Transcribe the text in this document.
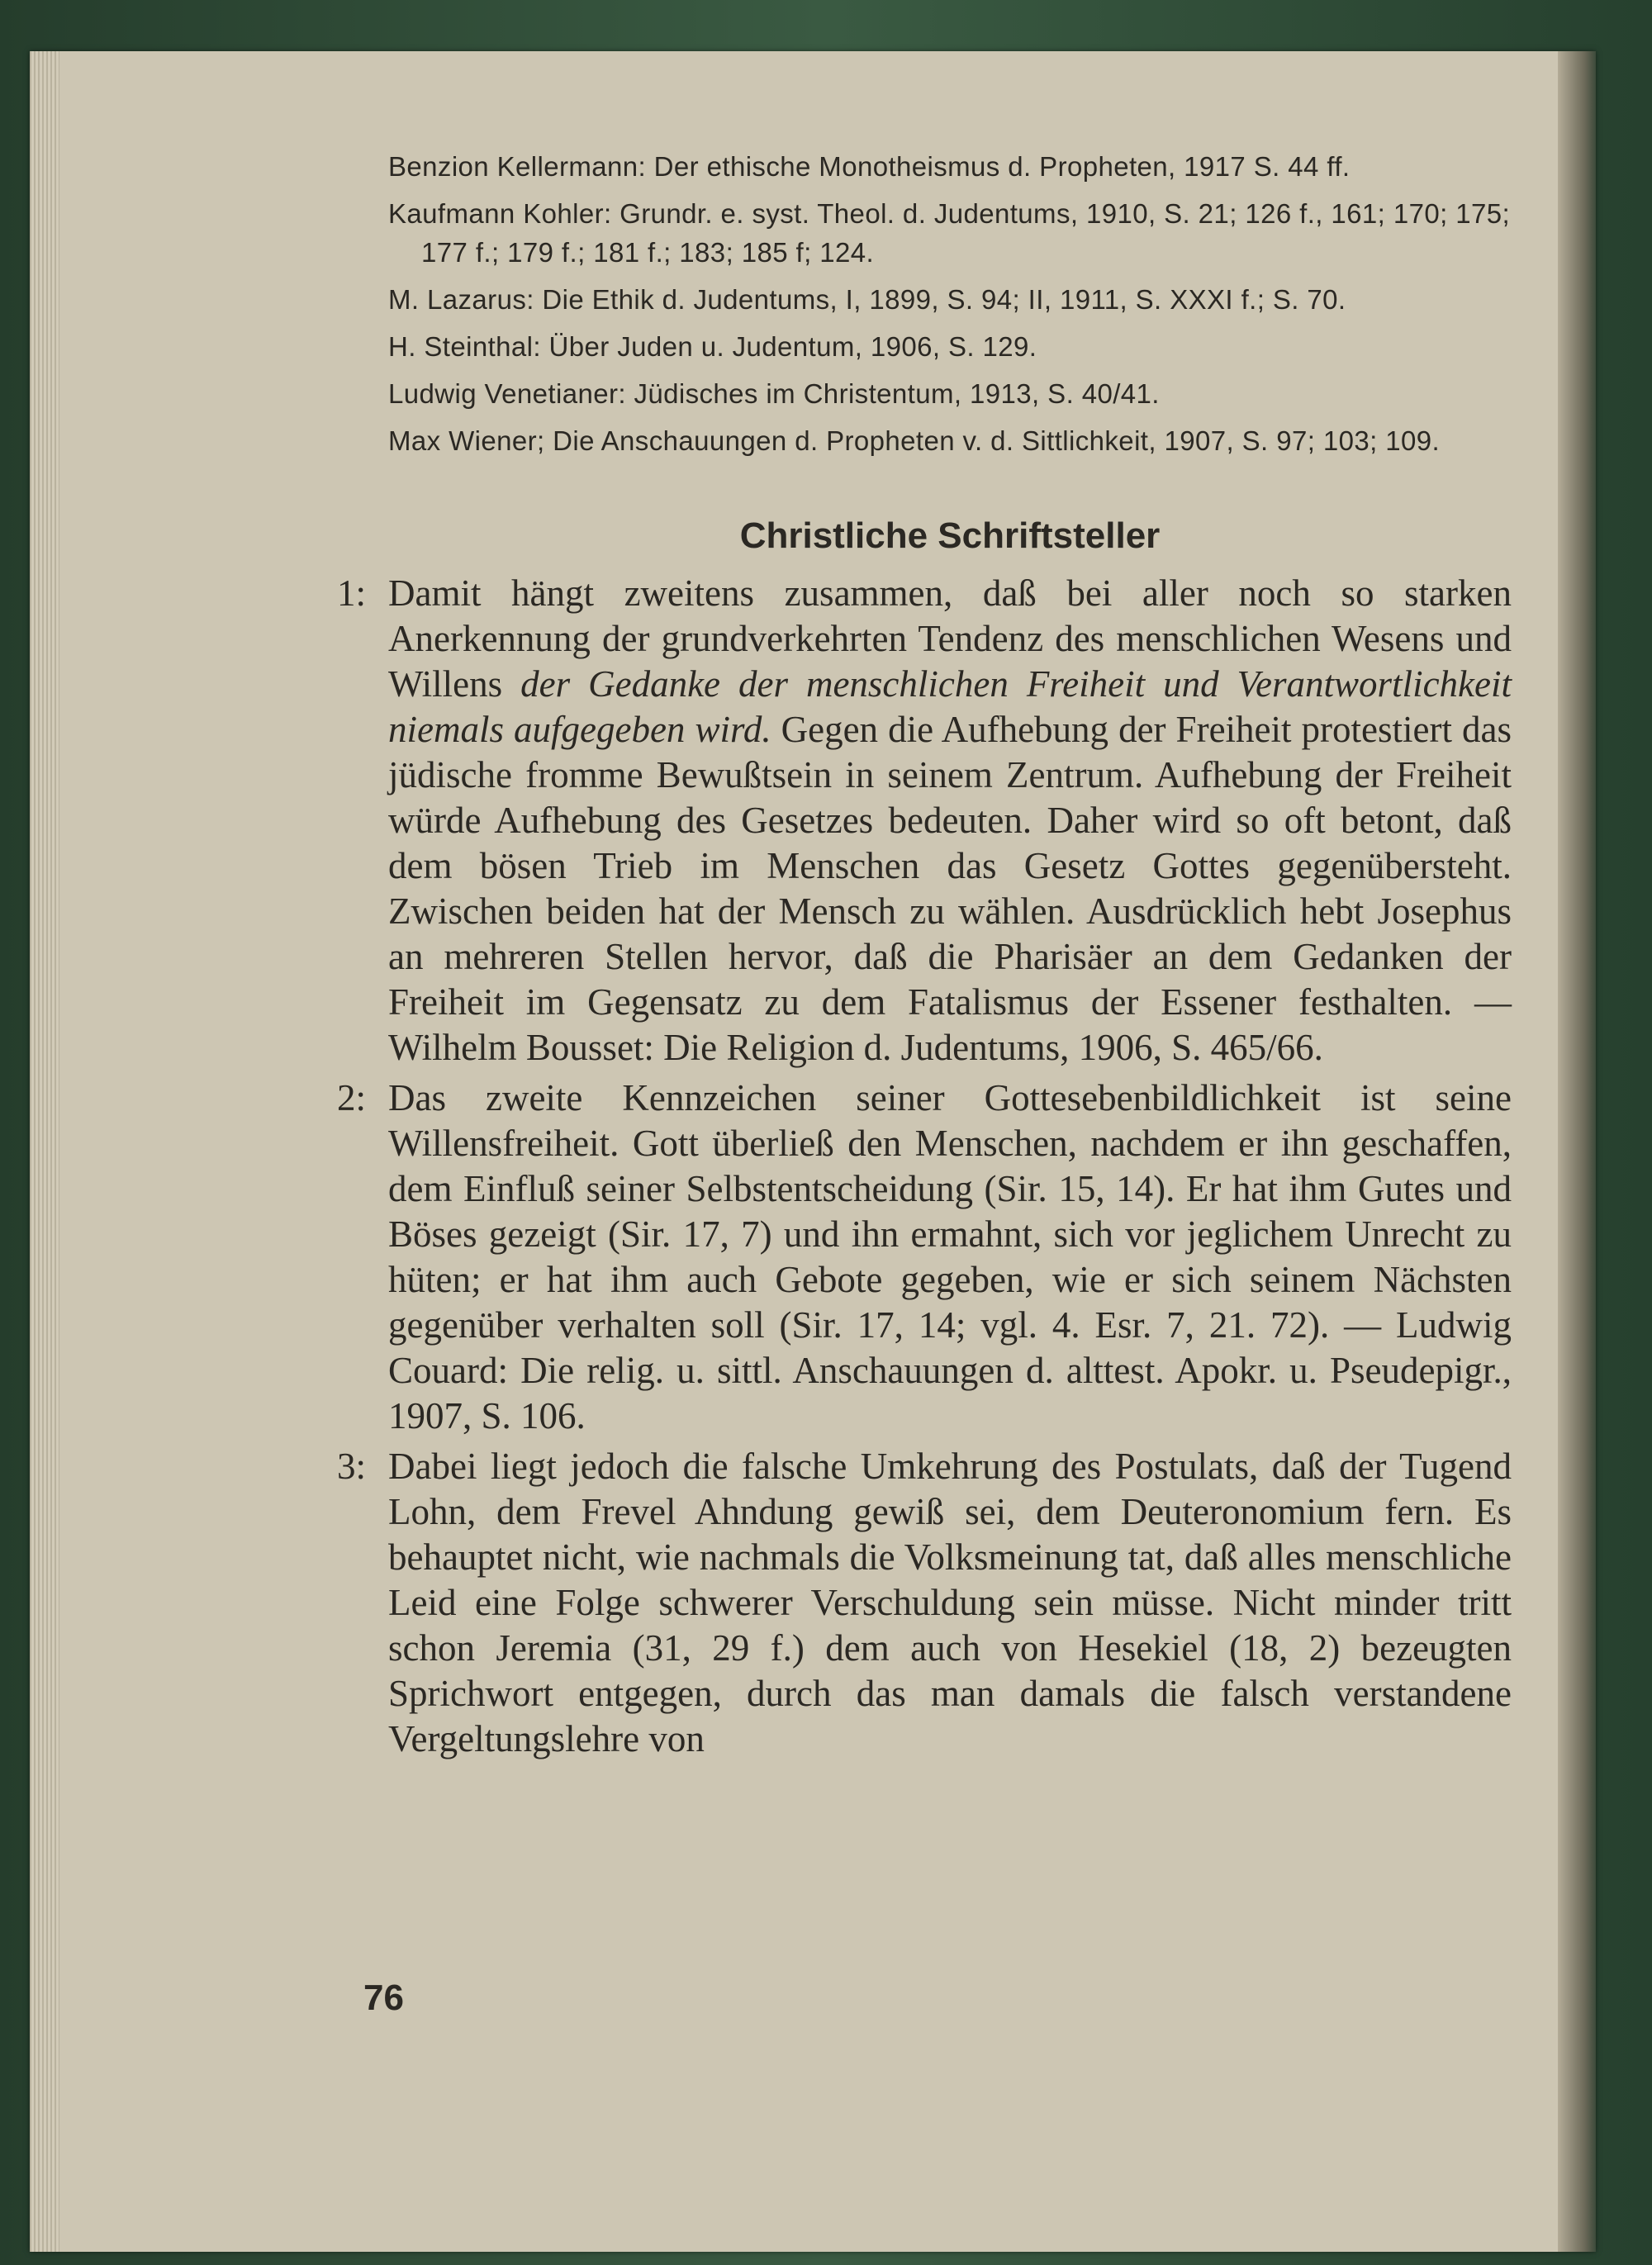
Benzion Kellermann: Der ethische Monotheismus d. Propheten, 1917 S. 44 ff.

Kaufmann Kohler: Grundr. e. syst. Theol. d. Judentums, 1910, S. 21; 126 f., 161; 170; 175; 177 f.; 179 f.; 181 f.; 183; 185 f; 124.

M. Lazarus: Die Ethik d. Judentums, I, 1899, S. 94; II, 1911, S. XXXI f.; S. 70.

H. Steinthal: Über Juden u. Judentum, 1906, S. 129.

Ludwig Venetianer: Jüdisches im Christentum, 1913, S. 40/41.

Max Wiener; Die Anschauungen d. Propheten v. d. Sittlichkeit, 1907, S. 97; 103; 109.

Christliche Schriftsteller

1: Damit hängt zweitens zusammen, daß bei aller noch so starken Anerkennung der grundverkehrten Tendenz des menschlichen Wesens und Willens der Gedanke der menschlichen Freiheit und Verantwortlichkeit niemals aufgegeben wird. Gegen die Aufhebung der Freiheit protestiert das jüdische fromme Bewußtsein in seinem Zentrum. Aufhebung der Freiheit würde Aufhebung des Gesetzes bedeuten. Daher wird so oft betont, daß dem bösen Trieb im Menschen das Gesetz Gottes gegenübersteht. Zwischen beiden hat der Mensch zu wählen. Ausdrücklich hebt Josephus an mehreren Stellen hervor, daß die Pharisäer an dem Gedanken der Freiheit im Gegensatz zu dem Fatalismus der Essener festhalten. — Wilhelm Bousset: Die Religion d. Judentums, 1906, S. 465/66.

2: Das zweite Kennzeichen seiner Gottesebenbildlichkeit ist seine Willensfreiheit. Gott überließ den Menschen, nachdem er ihn geschaffen, dem Einfluß seiner Selbstentscheidung (Sir. 15, 14). Er hat ihm Gutes und Böses gezeigt (Sir. 17, 7) und ihn ermahnt, sich vor jeglichem Unrecht zu hüten; er hat ihm auch Gebote gegeben, wie er sich seinem Nächsten gegenüber verhalten soll (Sir. 17, 14; vgl. 4. Esr. 7, 21. 72). — Ludwig Couard: Die relig. u. sittl. Anschauungen d. alttest. Apokr. u. Pseudepigr., 1907, S. 106.

3: Dabei liegt jedoch die falsche Umkehrung des Postulats, daß der Tugend Lohn, dem Frevel Ahndung gewiß sei, dem Deuteronomium fern. Es behauptet nicht, wie nachmals die Volksmeinung tat, daß alles menschliche Leid eine Folge schwerer Verschuldung sein müsse. Nicht minder tritt schon Jeremia (31, 29 f.) dem auch von Hesekiel (18, 2) bezeugten Sprichwort entgegen, durch das man damals die falsch verstandene Vergeltungslehre von

76
